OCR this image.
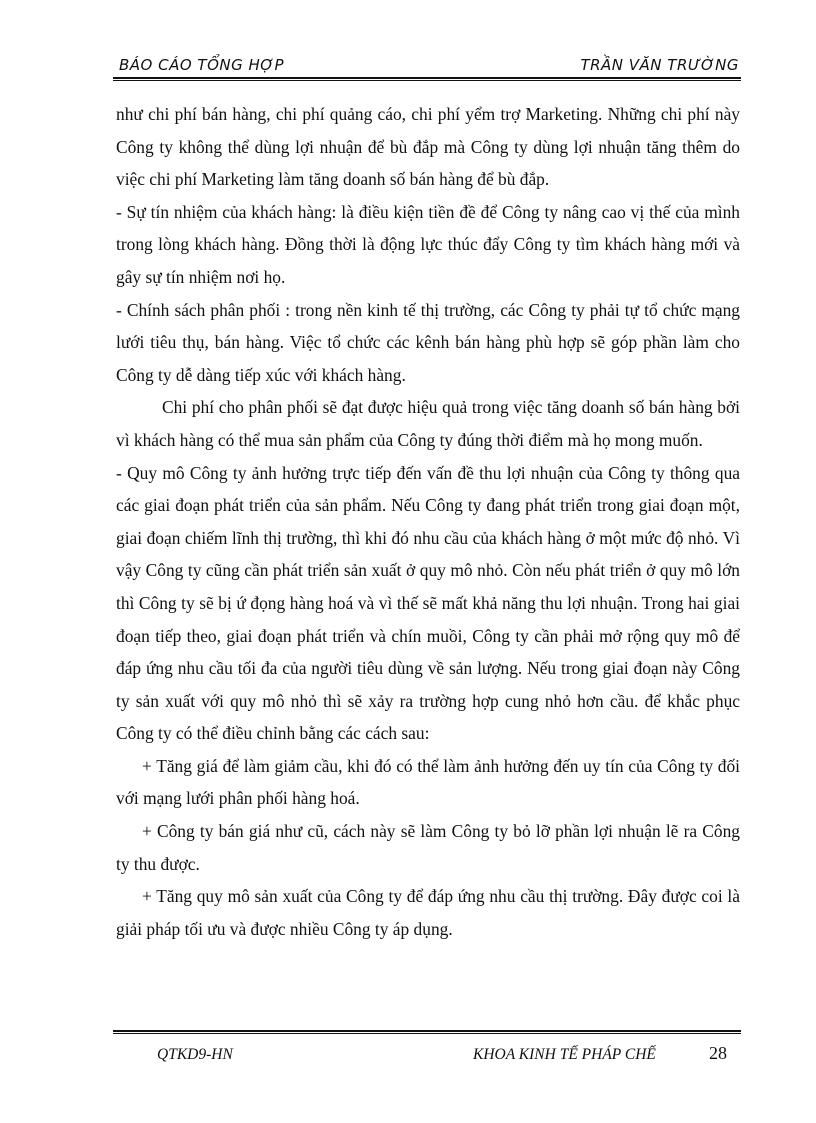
BÁO CÁO TỔNG HỢP	TRẦN VĂN TRƯỜNG

như chi phí bán hàng, chi phí quảng cáo, chi phí yểm trợ Marketing. Những chi phí này Công ty không thể dùng lợi nhuận để bù đắp mà Công ty dùng lợi nhuận tăng thêm do việc chi phí Marketing làm tăng doanh số bán hàng để bù đắp.

- Sự tín nhiệm của khách hàng: là điều kiện tiền đề để Công ty nâng cao vị thế của mình trong lòng khách hàng. Đồng thời là động lực thúc đẩy Công ty tìm khách hàng mới và gây sự tín nhiệm nơi họ.

- Chính sách phân phối : trong nền kinh tế thị trường, các Công ty phải tự tổ chức mạng lưới tiêu thụ, bán hàng. Việc tổ chức các kênh bán hàng phù hợp sẽ góp phần làm cho Công ty dễ dàng tiếp xúc với khách hàng.

Chi phí cho phân phối sẽ đạt được hiệu quả trong việc tăng doanh số bán hàng bởi vì khách hàng có thể mua sản phẩm của Công ty đúng thời điểm mà họ mong muốn.

- Quy mô Công ty ảnh hưởng trực tiếp đến vấn đề thu lợi nhuận của Công ty thông qua các giai đoạn phát triển của sản phẩm. Nếu Công ty đang phát triển trong giai đoạn một, giai đoạn chiếm lĩnh thị trường, thì khi đó nhu cầu của khách hàng ở một mức độ nhỏ. Vì vậy Công ty cũng cần phát triển sản xuất ở quy mô nhỏ. Còn nếu phát triển ở quy mô lớn thì Công ty sẽ bị ứ đọng hàng hoá và vì thế sẽ mất khả năng thu lợi nhuận. Trong hai giai đoạn tiếp theo, giai đoạn phát triển và chín muồi, Công ty cần phải mở rộng quy mô để đáp ứng nhu cầu tối đa của người tiêu dùng về sản lượng. Nếu trong giai đoạn này Công ty sản xuất với quy mô nhỏ thì sẽ xảy ra trường hợp cung nhỏ hơn cầu. để khắc phục Công ty có thể điều chỉnh bằng các cách sau:

+ Tăng giá để làm giảm cầu, khi đó có thể làm ảnh hưởng đến uy tín của Công ty đối với mạng lưới phân phối hàng hoá.

+ Công ty bán giá như cũ, cách này sẽ làm Công ty bỏ lỡ phần lợi nhuận lẽ ra Công ty thu được.

+ Tăng quy mô sản xuất của Công ty để đáp ứng nhu cầu thị trường. Đây được coi là giải pháp tối ưu và được nhiều Công ty áp dụng.

QTKD9-HN	KHOA KINH TẾ PHÁP CHẾ	28
